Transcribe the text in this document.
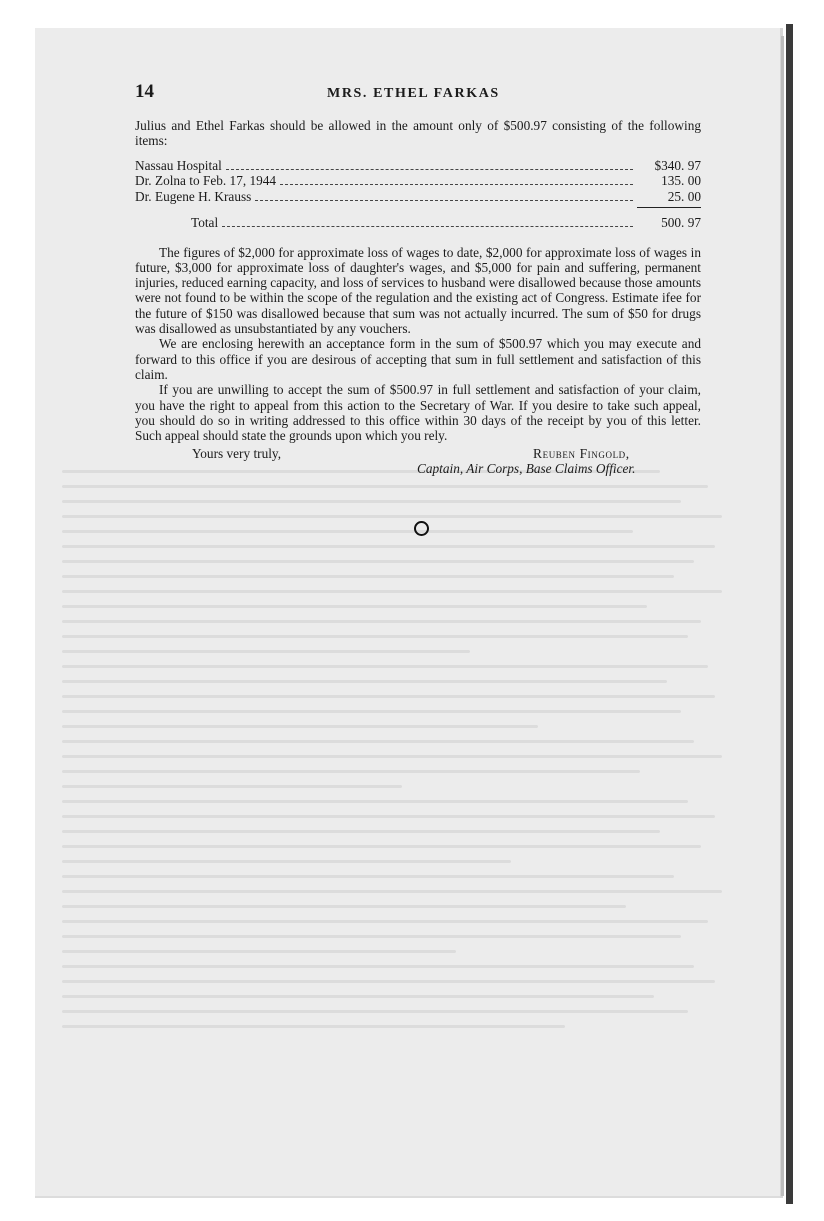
14	MRS. ETHEL FARKAS

Julius and Ethel Farkas should be allowed in the amount only of $500.97 consisting of the following items:

Nassau Hospital	$340. 97
Dr. Zolna to Feb. 17, 1944	135. 00
Dr. Eugene H. Krauss	25. 00
Total	500. 97

The figures of $2,000 for approximate loss of wages to date, $2,000 for approximate loss of wages in future, $3,000 for approximate loss of daughter's wages, and $5,000 for pain and suffering, permanent injuries, reduced earning capacity, and loss of services to husband were disallowed because those amounts were not found to be within the scope of the regulation and the existing act of Congress. Estimate ifee for the future of $150 was disallowed because that sum was not actually incurred. The sum of $50 for drugs was disallowed as unsubstantiated by any vouchers.

We are enclosing herewith an acceptance form in the sum of $500.97 which you may execute and forward to this office if you are desirous of accepting that sum in full settlement and satisfaction of this claim.

If you are unwilling to accept the sum of $500.97 in full settlement and satisfaction of your claim, you have the right to appeal from this action to the Secretary of War. If you desire to take such appeal, you should do so in writing addressed to this office within 30 days of the receipt by you of this letter. Such appeal should state the grounds upon which you rely.

Yours very truly,	Reuben Fingold,
Captain, Air Corps, Base Claims Officer.
